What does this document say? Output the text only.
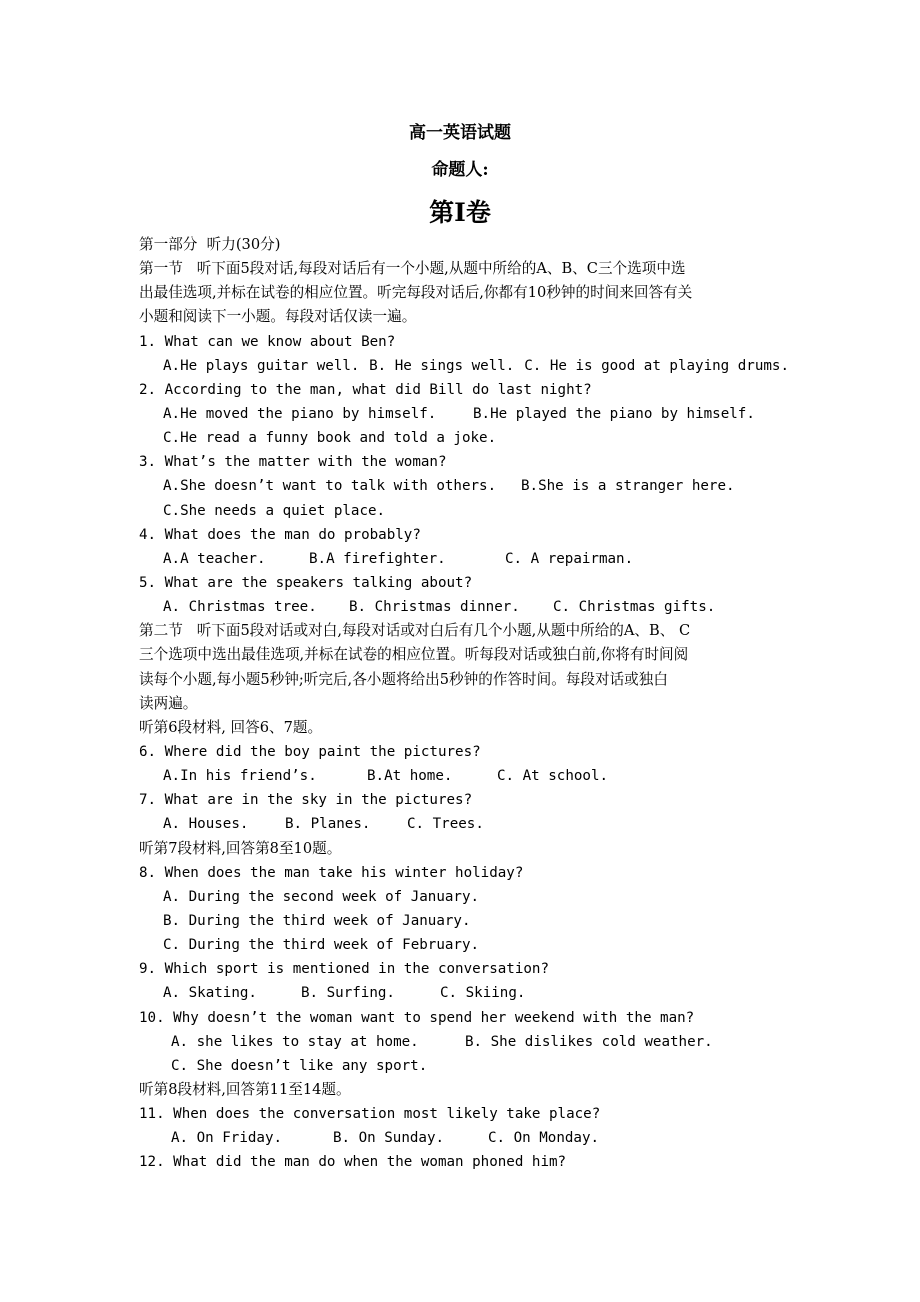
高一英语试题
命题人:
第Ⅰ卷
第一部分  听力(30分)
第一节   听下面5段对话,每段对话后有一个小题,从题中所给的A、B、C三个选项中选
出最佳选项,并标在试卷的相应位置。听完每段对话后,你都有10秒钟的时间来回答有关
小题和阅读下一小题。每段对话仅读一遍。
1. What can we know about Ben?
A.He plays guitar well. B. He sings well. C. He is good at playing drums.
2. According to the man, what did Bill do last night?
A.He moved the piano by himself.	B.He played the piano by himself.
C.He read a funny book and told a joke.
3. What’s the matter with the woman?
A.She doesn’t want to talk with others.	B.She is a stranger here.
C.She needs a quiet place.
4. What does the man do probably?
A.A teacher.	B.A firefighter.	C. A repairman.
5. What are the speakers talking about?
A. Christmas tree.	B. Christmas dinner.	C. Christmas gifts.
第二节   听下面5段对话或对白,每段对话或对白后有几个小题,从题中所给的A、B、 C
三个选项中选出最佳选项,并标在试卷的相应位置。听每段对话或独白前,你将有时间阅
读每个小题,每小题5秒钟;听完后,各小题将给出5秒钟的作答时间。每段对话或独白
读两遍。
听第6段材料, 回答6、7题。
6. Where did the boy paint the pictures?
A.In his friend’s.	B.At home.	C. At school.
7. What are in the sky in the pictures?
A. Houses.	B. Planes.	C. Trees.
听第7段材料,回答第8至10题。
8. When does the man take his winter holiday?
A. During the second week of January.
B. During the third week of January.
C. During the third week of February.
9. Which sport is mentioned in the conversation?
A. Skating.	B. Surfing.	C. Skiing.
10. Why doesn’t the woman want to spend her weekend with the man?
A. she likes to stay at home.	B. She dislikes cold weather.
C. She doesn’t like any sport.
听第8段材料,回答第11至14题。
11. When does the conversation most likely take place?
A. On Friday.	B. On Sunday.	C. On Monday.
12. What did the man do when the woman phoned him?
